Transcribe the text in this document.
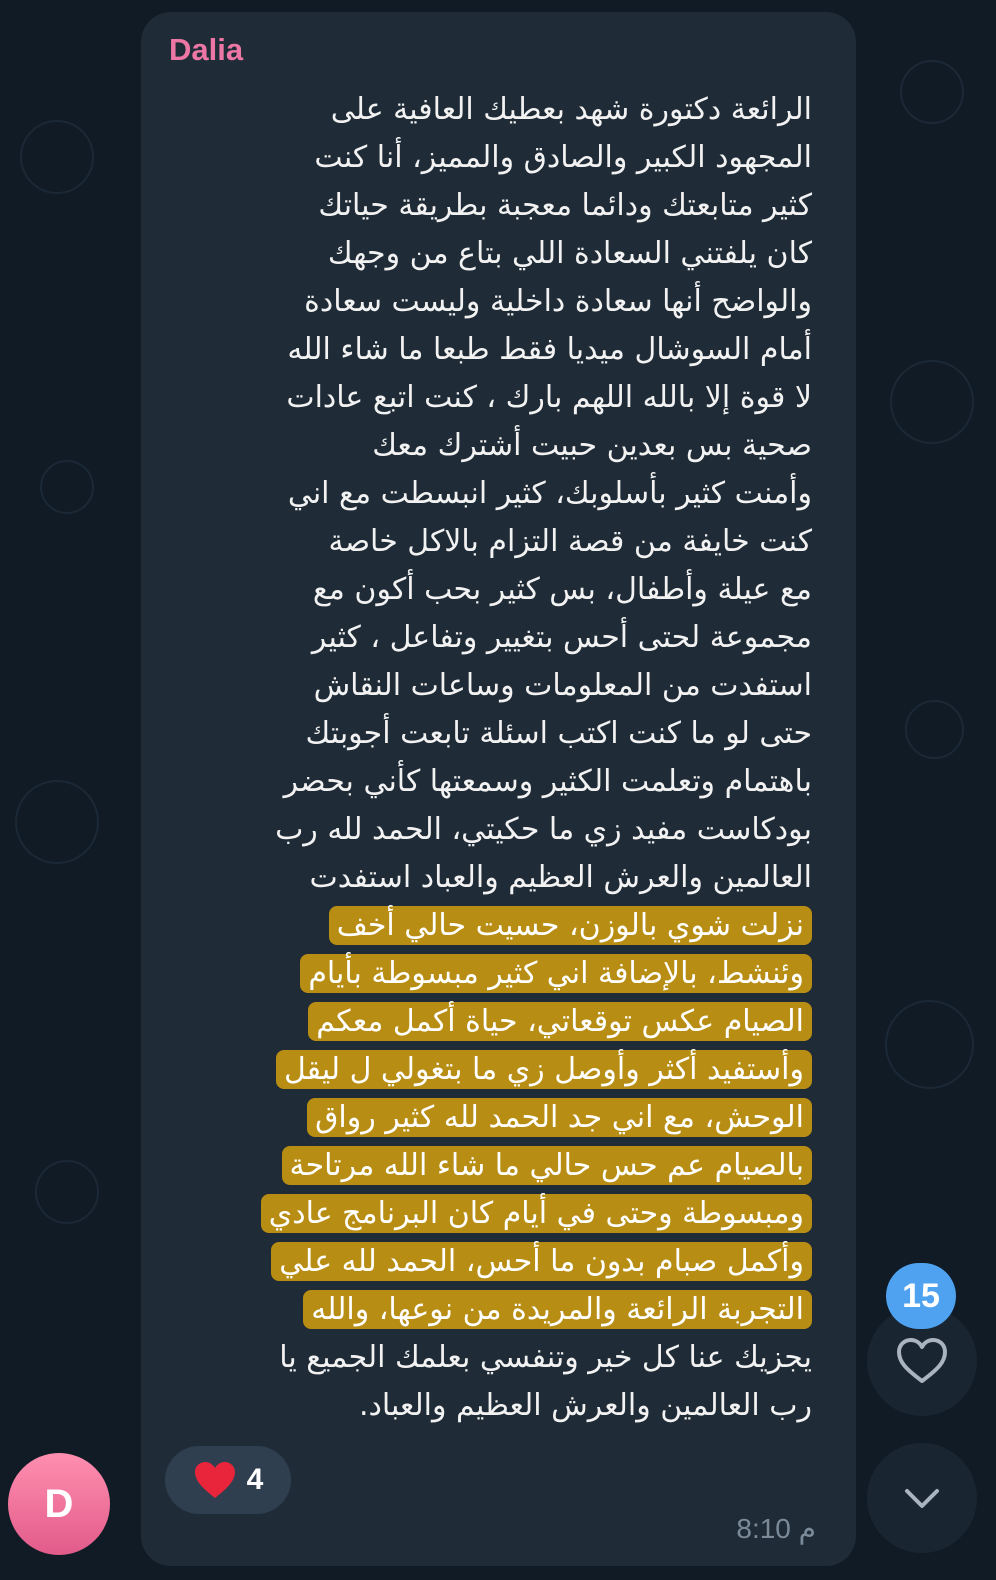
Dalia
الرائعة دكتورة شهد بعطيك العافية على
المجهود الكبير والصادق والمميز، أنا كنت
كثير متابعتك ودائما معجبة بطريقة حياتك
كان يلفتني السعادة اللي بتاع من وجهك
والواضح أنها سعادة داخلية وليست سعادة
أمام السوشال ميديا فقط طبعا ما شاء الله
لا قوة إلا بالله اللهم بارك ، كنت اتبع عادات
صحية بس بعدين حبيت أشترك معك
وأمنت كثير بأسلوبك، كثير انبسطت مع اني
كنت خايفة من قصة التزام بالاكل خاصة
مع عيلة وأطفال، بس كثير بحب أكون مع
مجموعة لحتى أحس بتغيير وتفاعل ، كثير
استفدت من المعلومات وساعات النقاش
حتى لو ما كنت اكتب اسئلة تابعت أجوبتك
باهتمام وتعلمت الكثير وسمعتها كأني بحضر
بودكاست مفيد زي ما حكيتي، الحمد لله رب
العالمين والعرش العظيم والعباد استفدت
نزلت شوي بالوزن، حسيت حالي أخف
وئنشط، بالإضافة اني كثير مبسوطة بأيام
الصيام عكس توقعاتي، حياة أكمل معكم
وأستفيد أكثر وأوصل زي ما بتغولي ل ليقل
الوحش، مع اني جد الحمد لله كثير رواق
بالصيام عم حس حالي ما شاء الله مرتاحة
ومبسوطة وحتى في أيام كان البرنامج عادي
وأكمل صبام بدون ما أحس، الحمد لله علي
التجربة الرائعة والمريدة من نوعها، والله
يجزيك عنا كل خير وتنفسي بعلمك الجميع يا
رب العالمين والعرش العظيم والعباد.
4
8:10 م
D
15
